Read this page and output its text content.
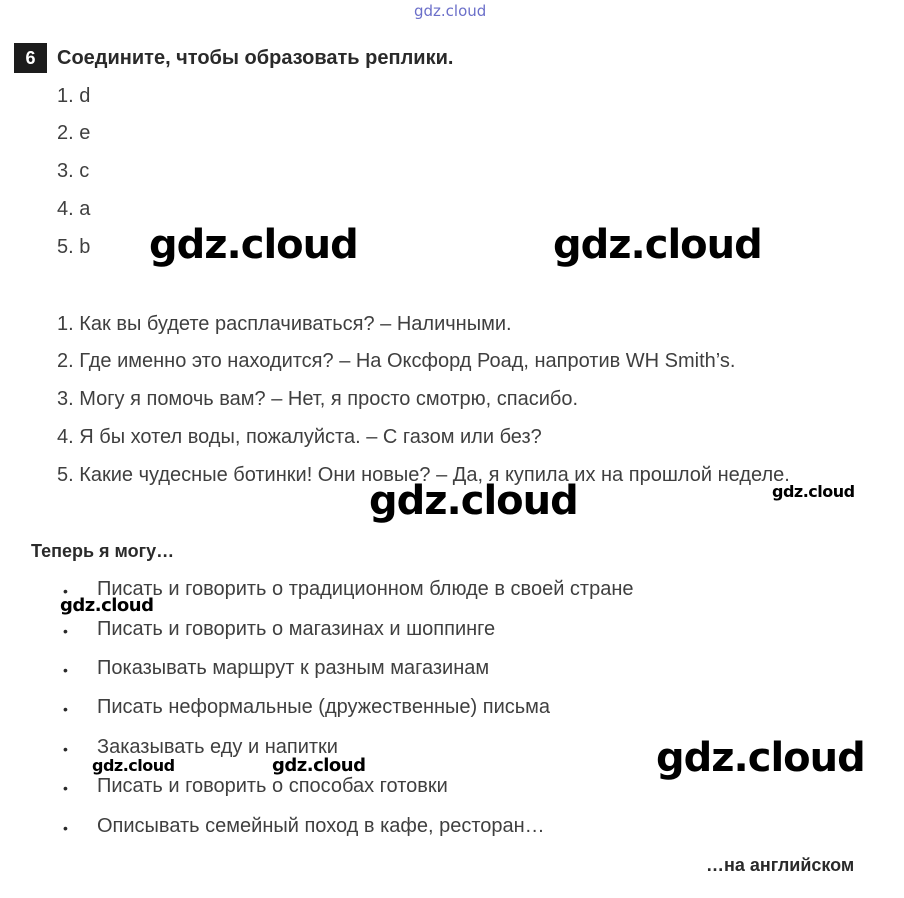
gdz.cloud
6	Соедините, чтобы образовать реплики.
1. d
2. e
3. c
4. a
5. b
1. Как вы будете расплачиваться? – Наличными.
2. Где именно это находится? – На Оксфорд Роад, напротив WH Smith’s.
3. Могу я помочь вам? – Нет, я просто смотрю, спасибо.
4. Я бы хотел воды, пожалуйста. – С газом или без?
5. Какие чудесные ботинки! Они новые? – Да, я купила их на прошлой неделе.
Теперь я могу…
• Писать и говорить о традиционном блюде в своей стране
• Писать и говорить о магазинах и шоппинге
• Показывать маршрут к разным магазинам
• Писать неформальные (дружественные) письма
• Заказывать еду и напитки
• Писать и говорить о способах готовки
• Описывать семейный поход в кафе, ресторан…
…на английском
gdz.cloud	gdz.cloud
gdz.cloud	gdz.cloud
gdz.cloud
gdz.cloud	gdz.cloud	gdz.cloud
